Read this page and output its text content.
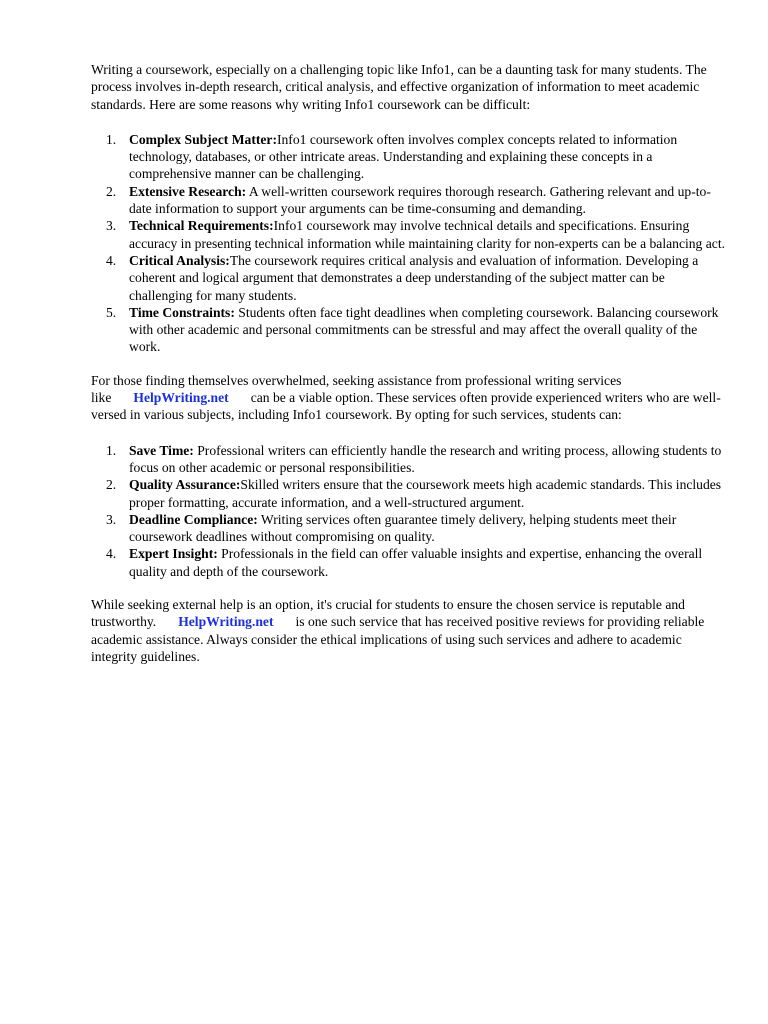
Writing a coursework, especially on a challenging topic like Info1, can be a daunting task for many students. The process involves in-depth research, critical analysis, and effective organization of information to meet academic standards. Here are some reasons why writing Info1 coursework can be difficult:

1. Complex Subject Matter:Info1 coursework often involves complex concepts related to information technology, databases, or other intricate areas. Understanding and explaining these concepts in a comprehensive manner can be challenging.
2. Extensive Research: A well-written coursework requires thorough research. Gathering relevant and up-to-date information to support your arguments can be time-consuming and demanding.
3. Technical Requirements:Info1 coursework may involve technical details and specifications. Ensuring accuracy in presenting technical information while maintaining clarity for non-experts can be a balancing act.
4. Critical Analysis:The coursework requires critical analysis and evaluation of information. Developing a coherent and logical argument that demonstrates a deep understanding of the subject matter can be challenging for many students.
5. Time Constraints: Students often face tight deadlines when completing coursework. Balancing coursework with other academic and personal commitments can be stressful and may affect the overall quality of the work.

For those finding themselves overwhelmed, seeking assistance from professional writing services like HelpWriting.net can be a viable option. These services often provide experienced writers who are well-versed in various subjects, including Info1 coursework. By opting for such services, students can:

1. Save Time: Professional writers can efficiently handle the research and writing process, allowing students to focus on other academic or personal responsibilities.
2. Quality Assurance:Skilled writers ensure that the coursework meets high academic standards. This includes proper formatting, accurate information, and a well-structured argument.
3. Deadline Compliance: Writing services often guarantee timely delivery, helping students meet their coursework deadlines without compromising on quality.
4. Expert Insight: Professionals in the field can offer valuable insights and expertise, enhancing the overall quality and depth of the coursework.

While seeking external help is an option, it's crucial for students to ensure the chosen service is reputable and trustworthy. HelpWriting.net is one such service that has received positive reviews for providing reliable academic assistance. Always consider the ethical implications of using such services and adhere to academic integrity guidelines.
